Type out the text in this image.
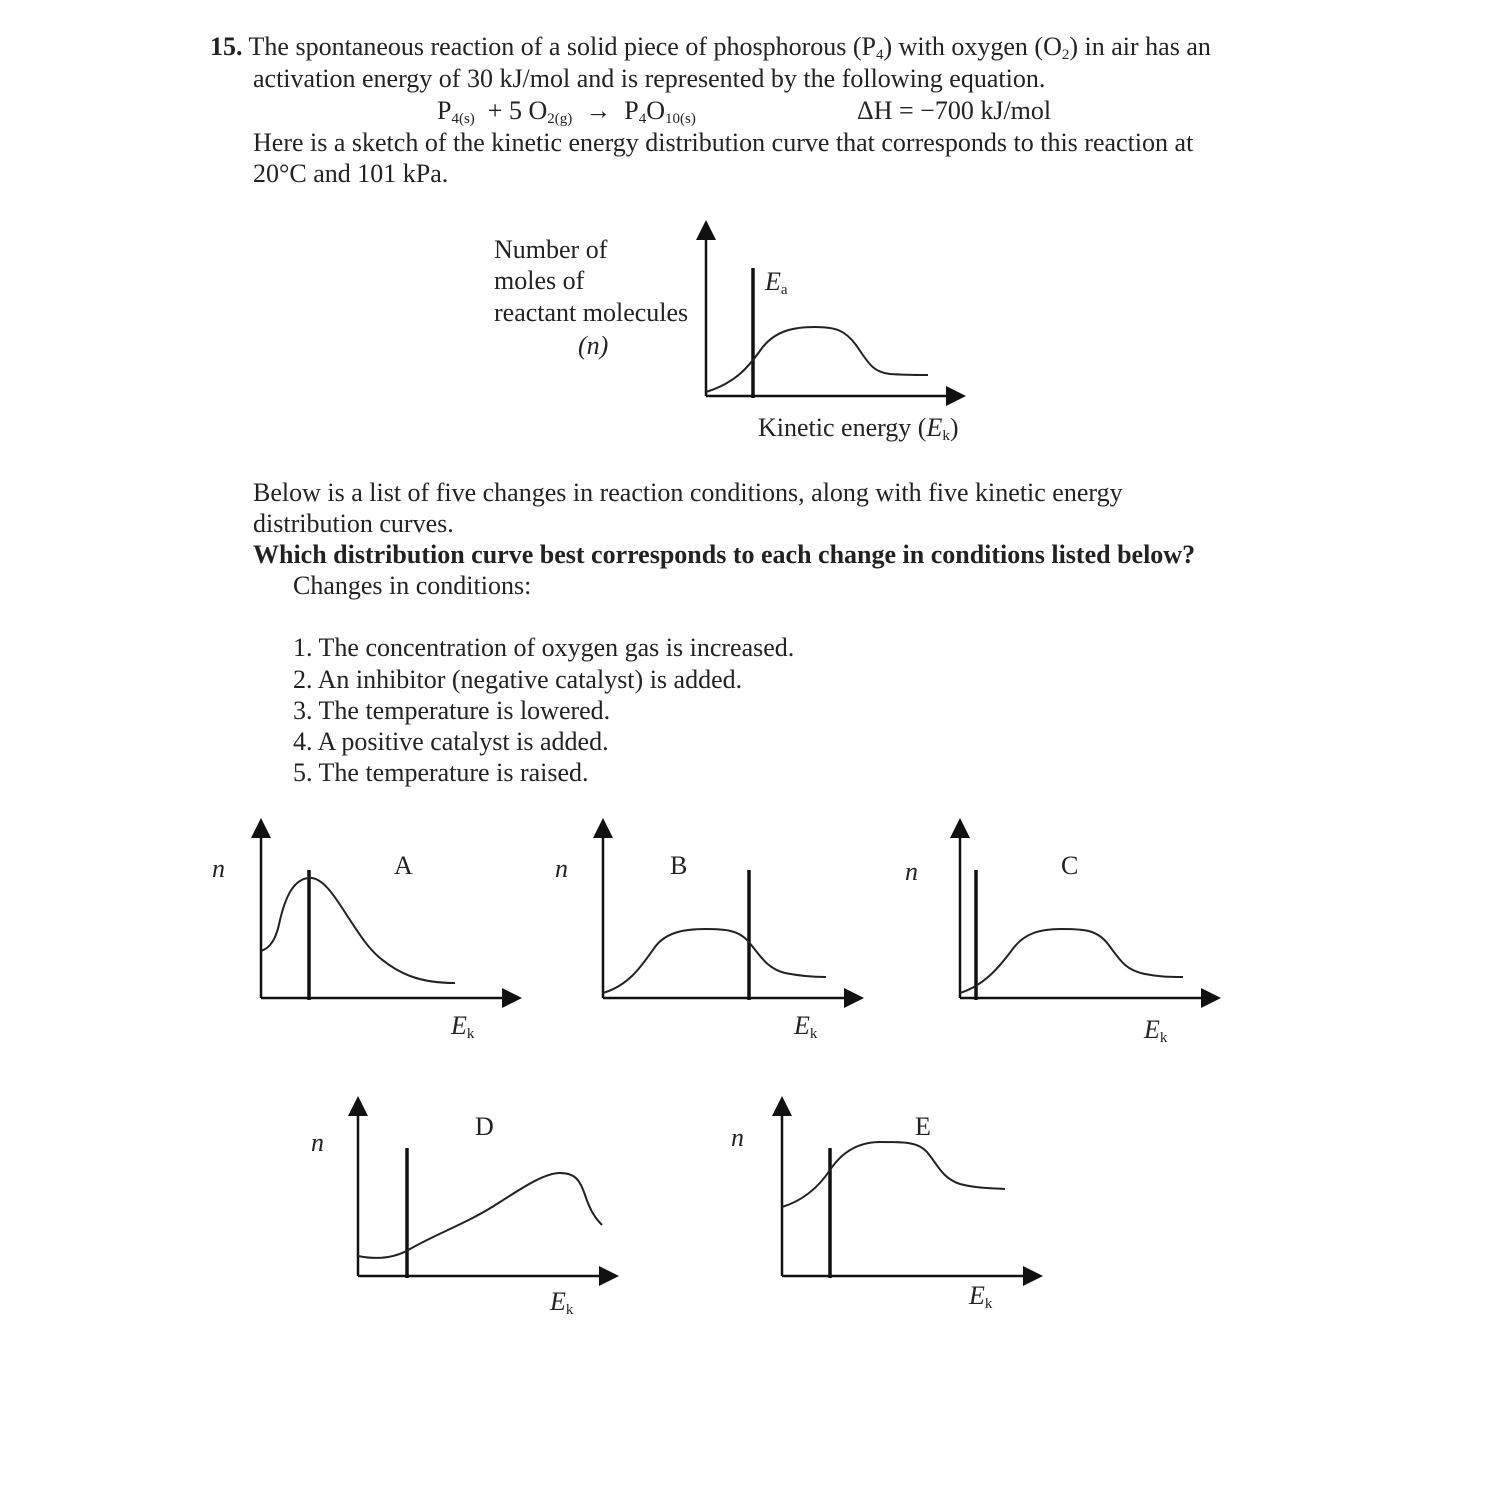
15. The spontaneous reaction of a solid piece of phosphorous $(P_4)$ with oxygen $(O_2)$ in air has an
activation energy of 30 kJ/mol and is represented by the following equation.
$P_{4(s)} + 5$ $O_{2(g)} \to P_4O_{10(s)}$	ΔH = −700 kJ/mol
Here is a sketch of the kinetic energy distribution curve that corresponds to this reaction at
20°C and 101 kPa.
Number of
moles of
reactant molecules
(n)
$E_a$
Kinetic energy $(E_k)$
Below is a list of five changes in reaction conditions, along with five kinetic energy
distribution curves.
Which distribution curve best corresponds to each change in conditions listed below?
Changes in conditions:
1. The concentration of oxygen gas is increased.
2. An inhibitor (negative catalyst) is added.
3. The temperature is lowered.
4. A positive catalyst is added.
5. The temperature is raised.
n	A
$E_k$
n	B
$E_k$
n	C
$E_k$
n
D
$E_k$
n	E
$E_k$
